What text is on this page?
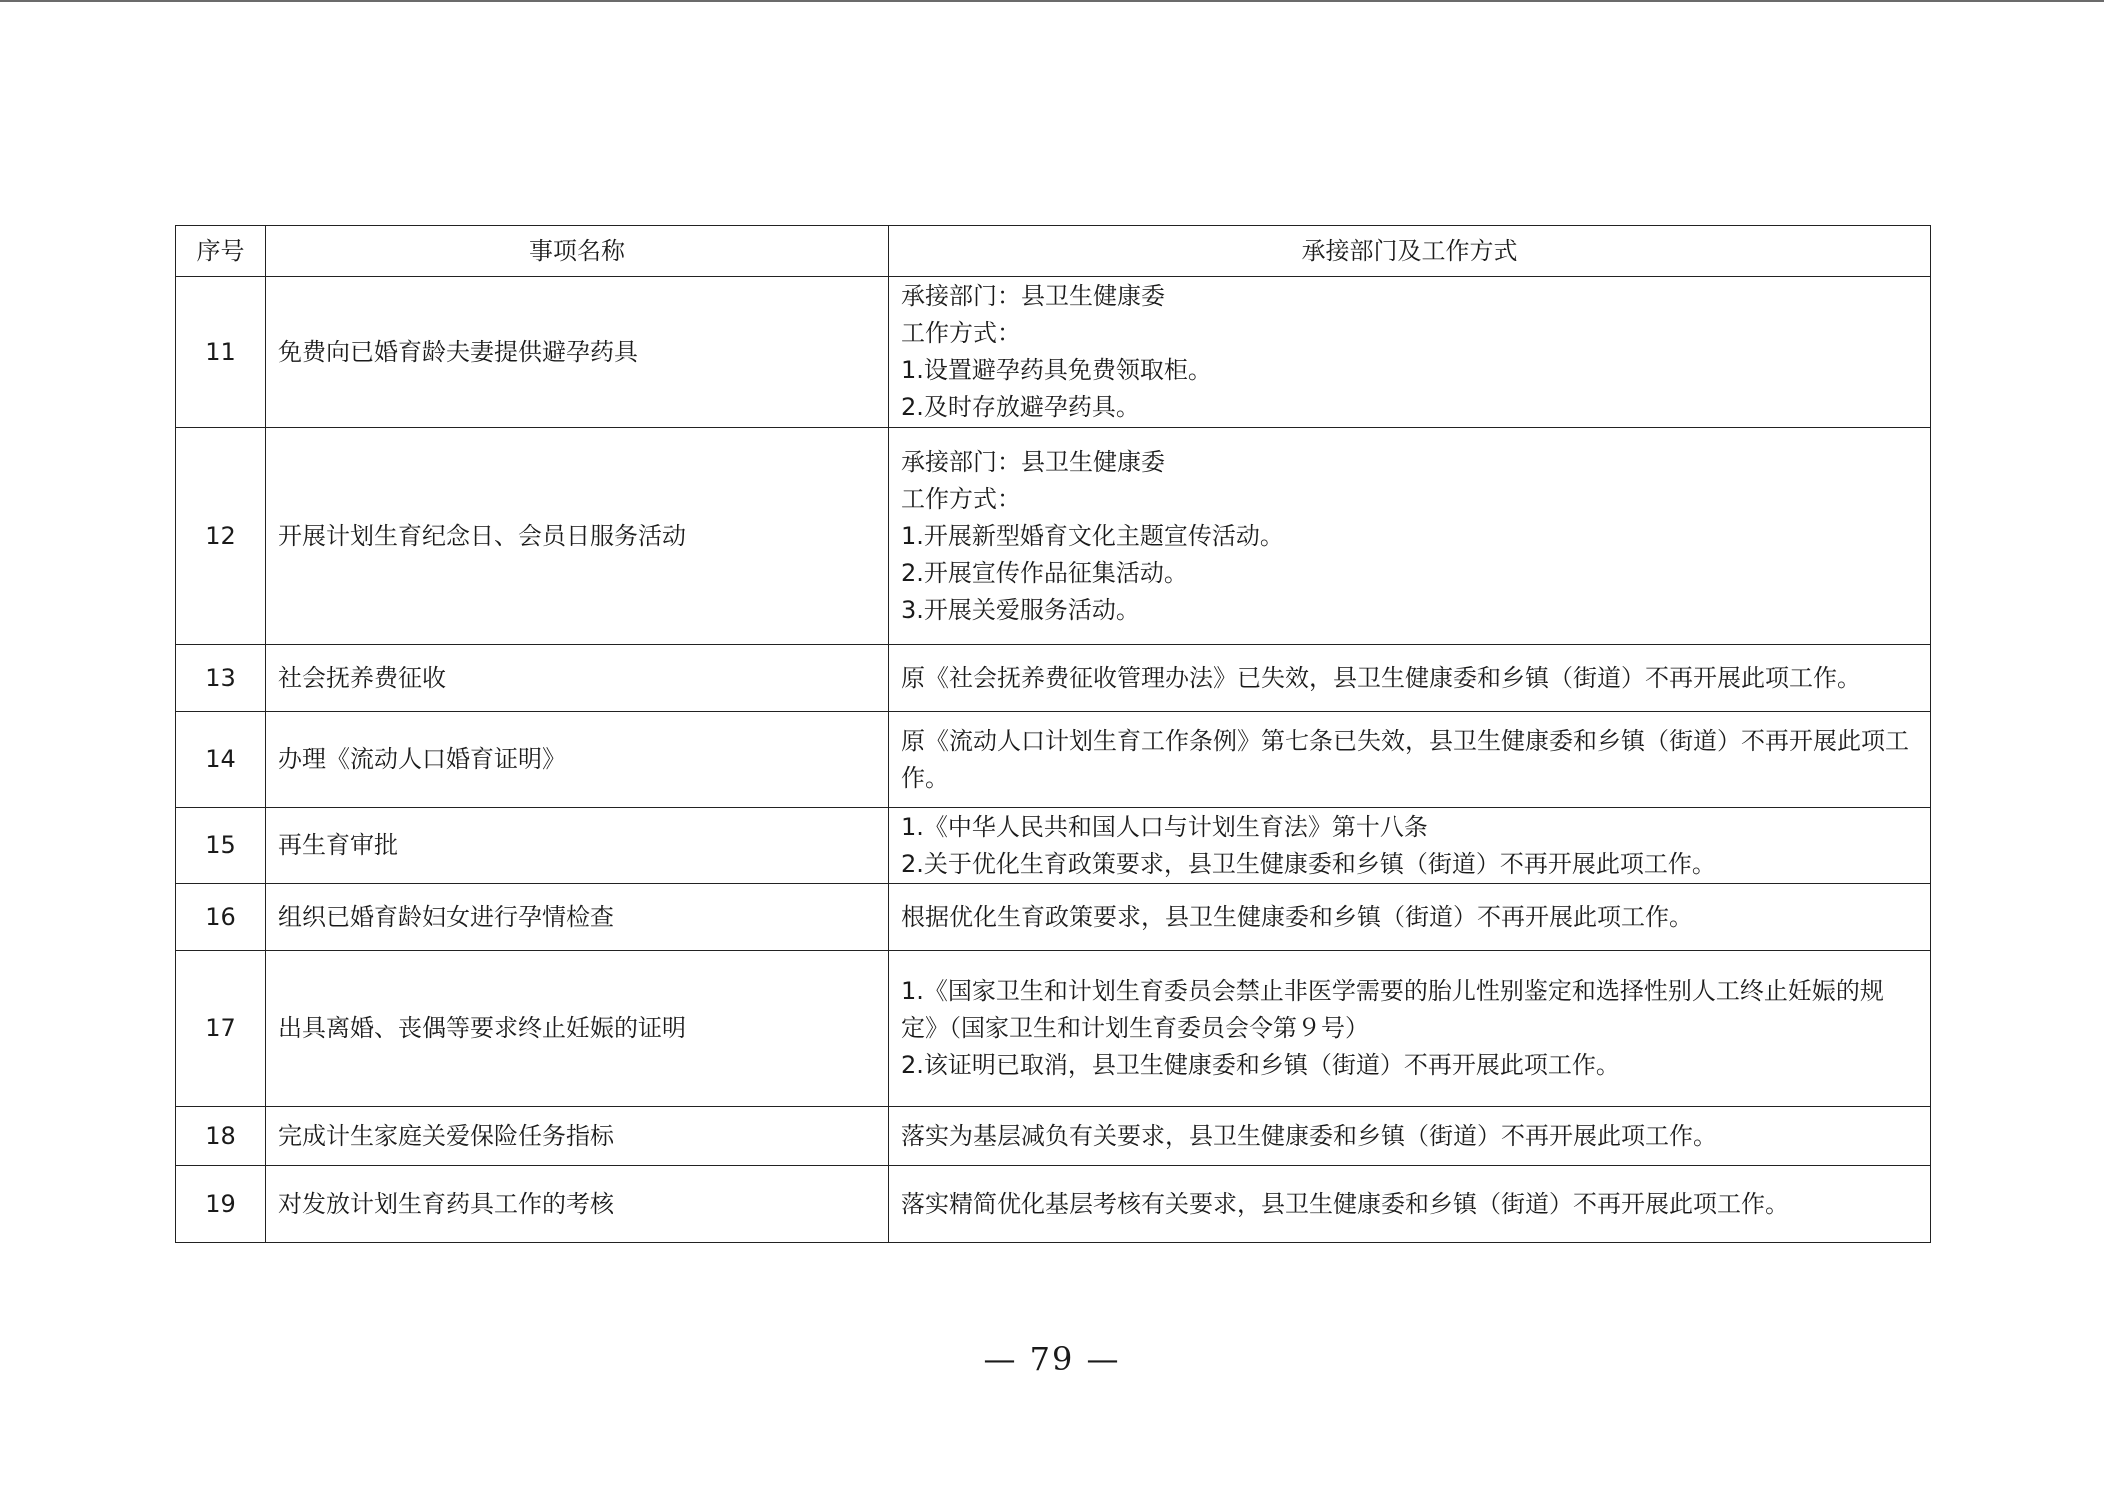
序号	事项名称	承接部门及工作方式
11	免费向已婚育龄夫妻提供避孕药具	承接部门：县卫生健康委
工作方式：
1.设置避孕药具免费领取柜。
2.及时存放避孕药具。

12	开展计划生育纪念日、会员日服务活动	承接部门：县卫生健康委
工作方式：
1.开展新型婚育文化主题宣传活动。
2.开展宣传作品征集活动。
3.开展关爱服务活动。

13	社会抚养费征收	原《社会抚养费征收管理办法》已失效，县卫生健康委和乡镇（街道）不再开展此项工作。

14	办理《流动人口婚育证明》	原《流动人口计划生育工作条例》第七条已失效，县卫生健康委和乡镇（街道）不再开展此项工作。

15	再生育审批	1.《中华人民共和国人口与计划生育法》第十八条
2.关于优化生育政策要求，县卫生健康委和乡镇（街道）不再开展此项工作。

16	组织已婚育龄妇女进行孕情检查	根据优化生育政策要求，县卫生健康委和乡镇（街道）不再开展此项工作。

17	出具离婚、丧偶等要求终止妊娠的证明	1.《国家卫生和计划生育委员会禁止非医学需要的胎儿性别鉴定和选择性别人工终止妊娠的规定》（国家卫生和计划生育委员会令第９号）
2.该证明已取消，县卫生健康委和乡镇（街道）不再开展此项工作。

18	完成计生家庭关爱保险任务指标	落实为基层减负有关要求，县卫生健康委和乡镇（街道）不再开展此项工作。

19	对发放计划生育药具工作的考核	落实精简优化基层考核有关要求，县卫生健康委和乡镇（街道）不再开展此项工作。
— 79 —
